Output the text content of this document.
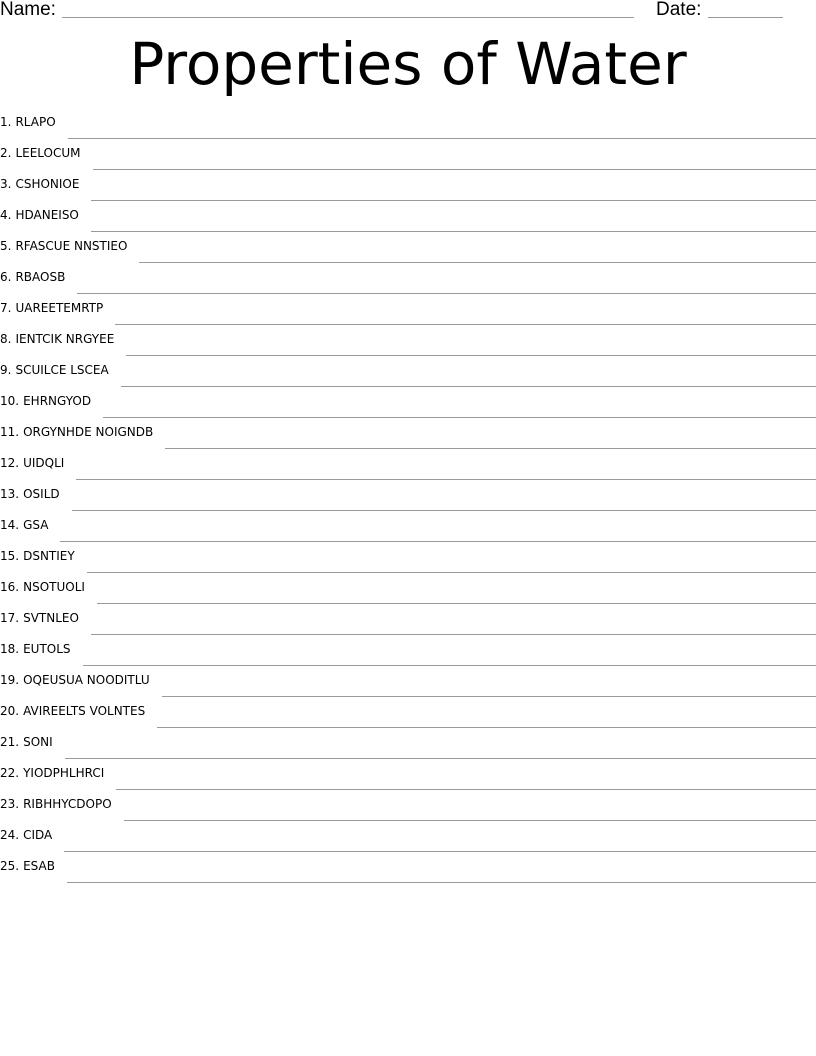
Name:	Date:
Properties of Water
1. RLAPO
2. LEELOCUM
3. CSHONIOE
4. HDANEISO
5. RFASCUE NNSTIEO
6. RBAOSB
7. UAREETEMRTP
8. IENTCIK NRGYEE
9. SCUILCE LSCEA
10. EHRNGYOD
11. ORGYNHDE NOIGNDB
12. UIDQLI
13. OSILD
14. GSA
15. DSNTIEY
16. NSOTUOLI
17. SVTNLEO
18. EUTOLS
19. OQEUSUA NOODITLU
20. AVIREELTS VOLNTES
21. SONI
22. YIODPHLHRCI
23. RIBHHYCDOPO
24. CIDA
25. ESAB
